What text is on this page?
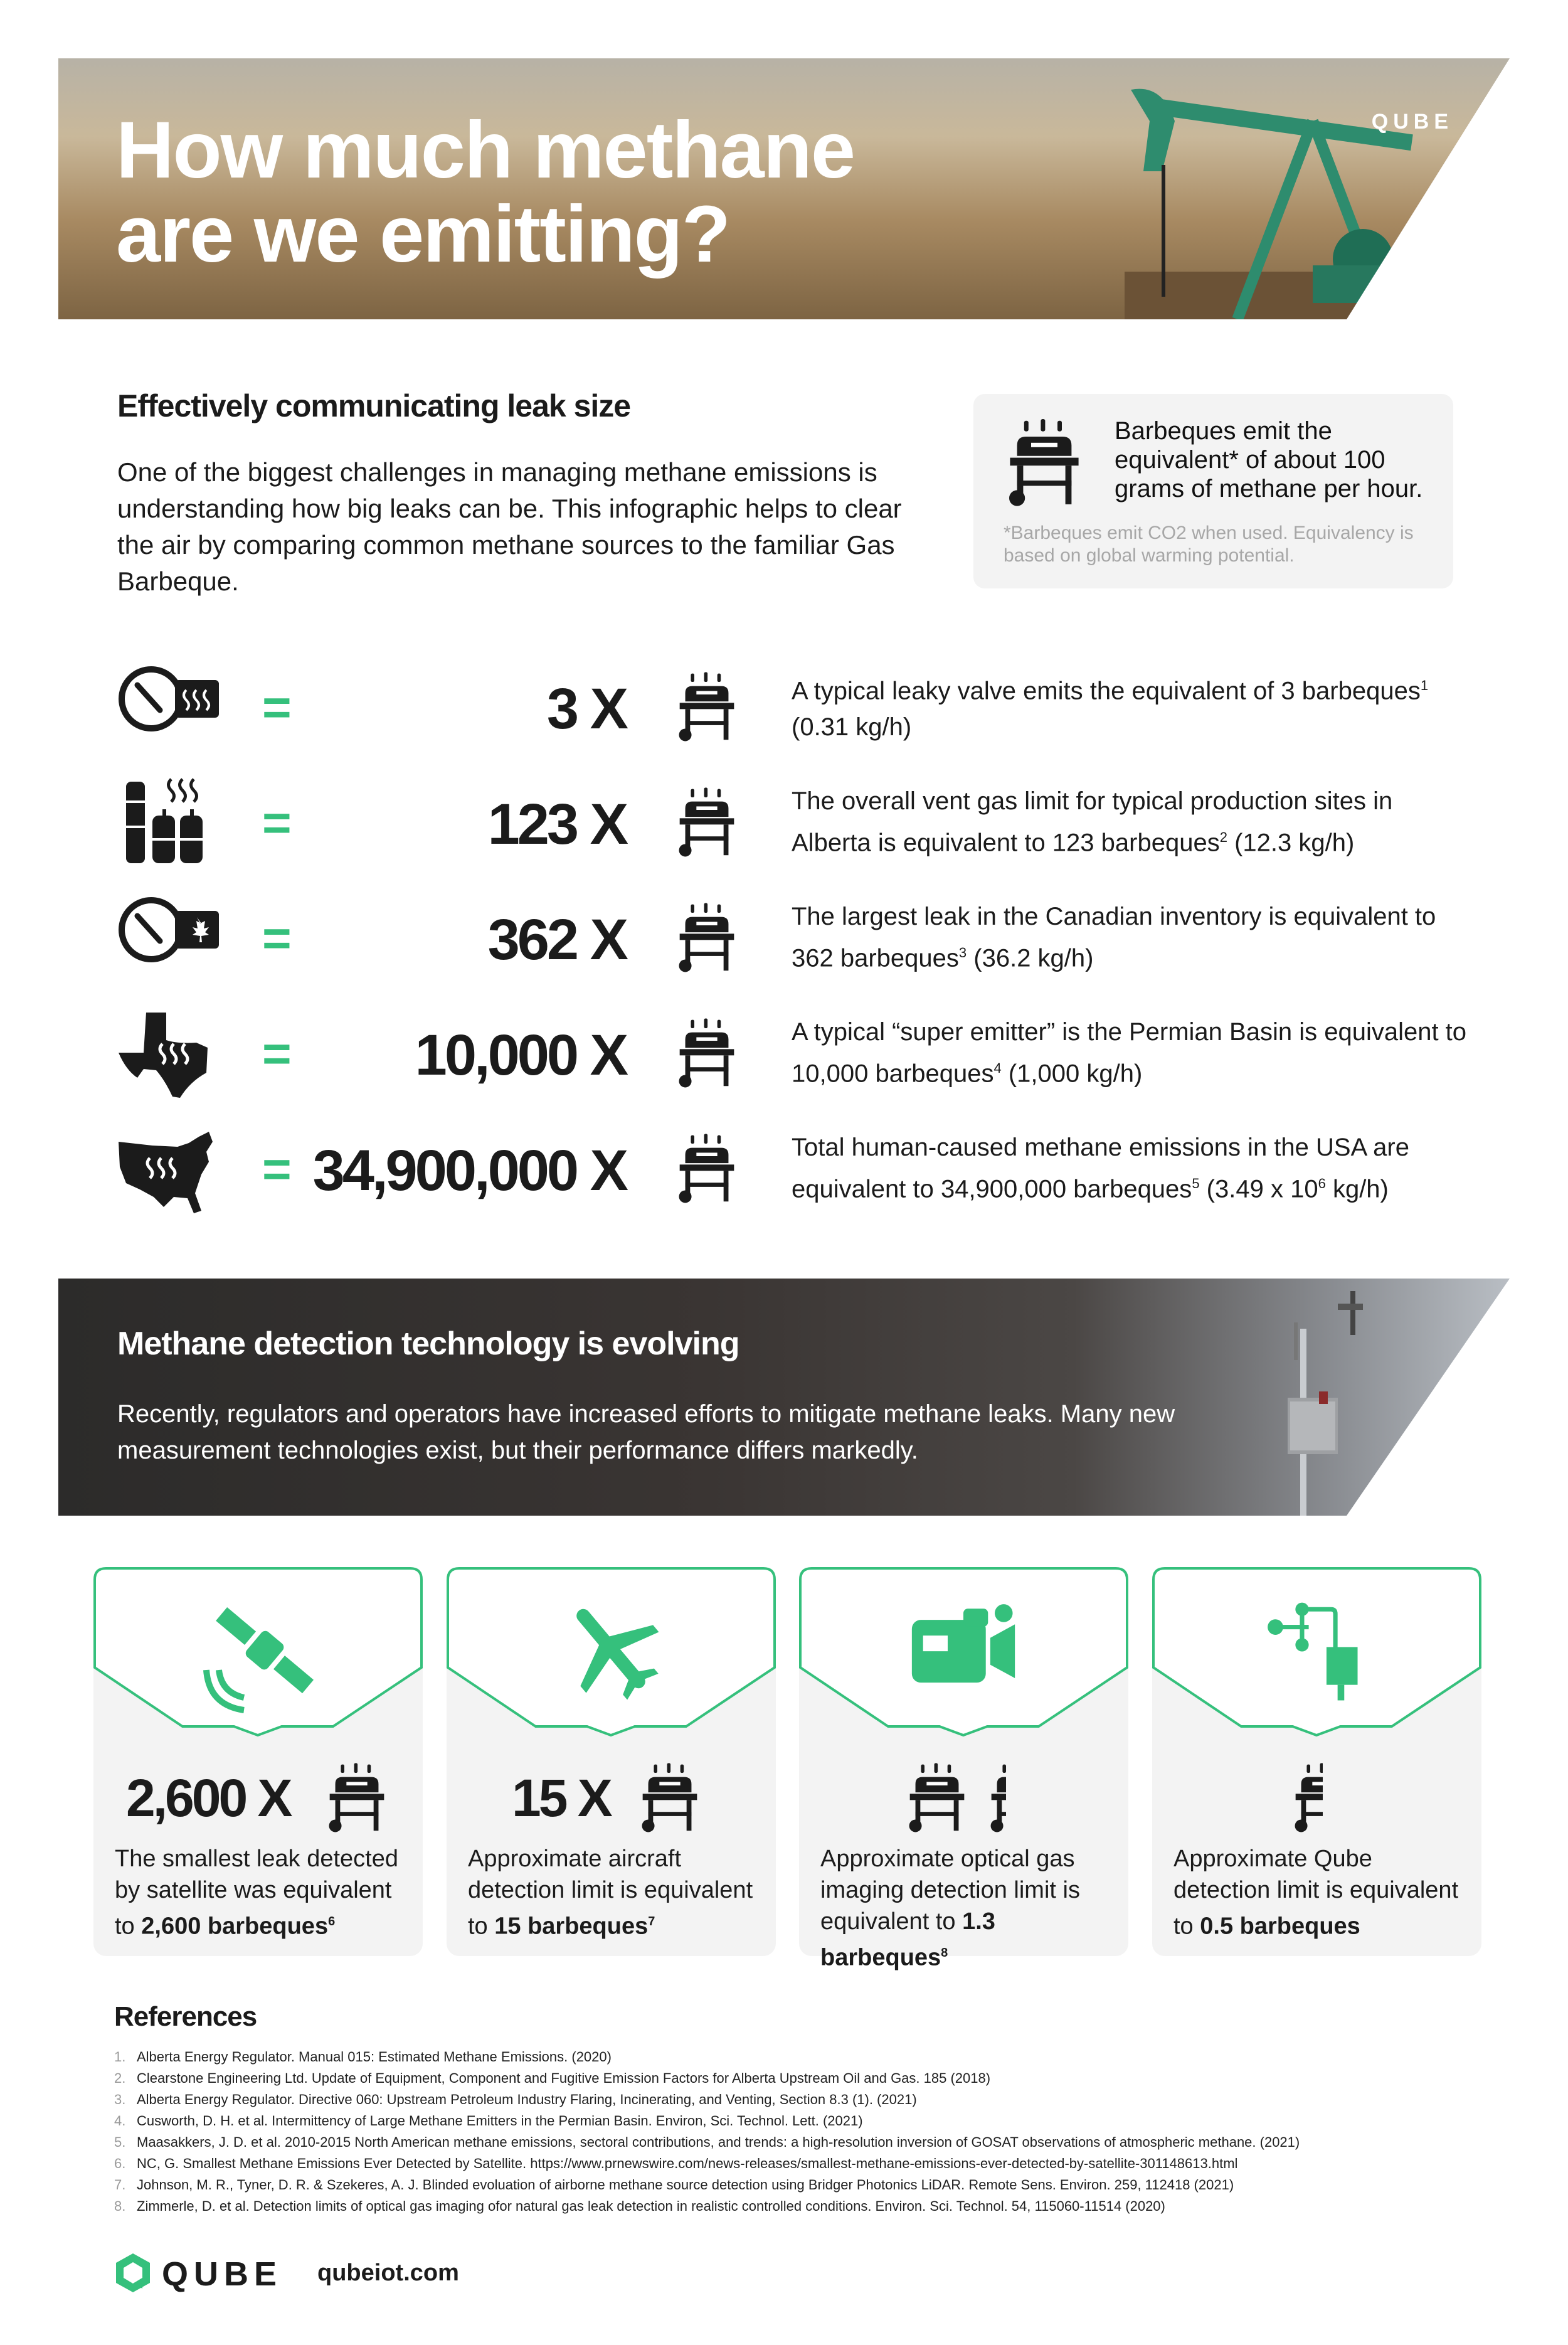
How much methane
are we emitting?
QUBE
Effectively communicating leak size
One of the biggest challenges in managing methane emissions is understanding how big leaks can be. This infographic helps to clear the air by comparing common methane sources to the familiar Gas Barbeque.
Barbeques emit the equivalent* of about 100 grams of methane per hour.
*Barbeques emit CO2 when used. Equivalency is based on global warming potential.
=	3 X	A typical leaky valve emits the equivalent of 3 barbeques$^1$ (0.31 kg/h)
=	123 X	The overall vent gas limit for typical production sites in Alberta is equivalent to 123 barbeques$^2$ (12.3 kg/h)
=	362 X	The largest leak in the Canadian inventory is equivalent to 362 barbeques$^3$ (36.2 kg/h)
= 10,000 X	A typical “super emitter” is the Permian Basin is equivalent to 10,000 barbeques$^4$ (1,000 kg/h)
= 34,900,000 X	Total human-caused methane emissions in the USA are equivalent to 34,900,000 barbeques$^5$ (3.49 x $10^6$ kg/h)
Methane detection technology is evolving
Recently, regulators and operators have increased efforts to mitigate methane leaks. Many new measurement technologies exist, but their performance differs markedly.
2,600 X
The smallest leak detected by satellite was equivalent to 2,600 barbeques$^6$
15 X
Approximate aircraft detection limit is equivalent to 15 barbeques$^7$
Approximate optical gas imaging detection limit is equivalent to 1.3 barbeques$^8$
Approximate Qube detection limit is equivalent to 0.5 barbeques
References
1. Alberta Energy Regulator. Manual 015: Estimated Methane Emissions. (2020)
2. Clearstone Engineering Ltd. Update of Equipment, Component and Fugitive Emission Factors for Alberta Upstream Oil and Gas. 185 (2018)
3. Alberta Energy Regulator. Directive 060: Upstream Petroleum Industry Flaring, Incinerating, and Venting, Section 8.3 (1). (2021)
4. Cusworth, D. H. et al. Intermittency of Large Methane Emitters in the Permian Basin. Environ, Sci. Technol. Lett. (2021)
5. Maasakkers, J. D. et al. 2010-2015 North American methane emissions, sectoral contributions, and trends: a high-resolution inversion of GOSAT observations of atmospheric methane. (2021)
6. NC, G. Smallest Methane Emissions Ever Detected by Satellite. https://www.prnewswire.com/news-releases/smallest-methane-emissions-ever-detected-by-satellite-301148613.html
7. Johnson, M. R., Tyner, D. R. & Szekeres, A. J. Blinded evoluation of airborne methane source detection using Bridger Photonics LiDAR. Remote Sens. Environ. 259, 112418 (2021)
8. Zimmerle, D. et al. Detection limits of optical gas imaging ofor natural gas leak detection in realistic controlled conditions. Environ. Sci. Technol. 54, 115060-11514 (2020)
QUBE qubeiot.com
